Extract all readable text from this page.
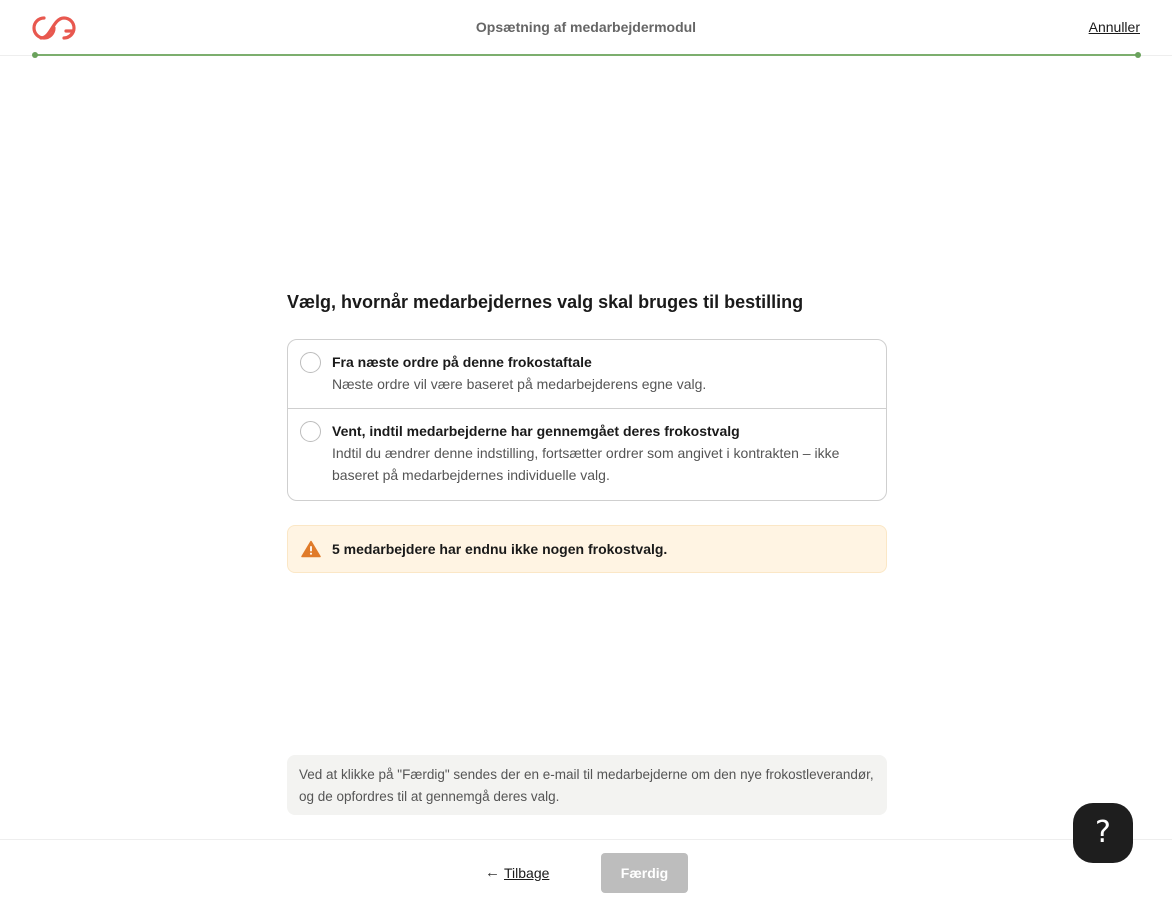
Opsætning af medarbejdermodul	Annuller
Vælg, hvornår medarbejdernes valg skal bruges til bestilling
Fra næste ordre på denne frokostaftale
Næste ordre vil være baseret på medarbejderens egne valg.
Vent, indtil medarbejderne har gennemgået deres frokostvalg
Indtil du ændrer denne indstilling, fortsætter ordrer som angivet i kontrakten – ikke baseret på medarbejdernes individuelle valg.
5 medarbejdere har endnu ikke nogen frokostvalg.
Ved at klikke på "Færdig" sendes der en e-mail til medarbejderne om den nye frokostleverandør, og de opfordres til at gennemgå deres valg.
← Tilbage	Færdig
?
